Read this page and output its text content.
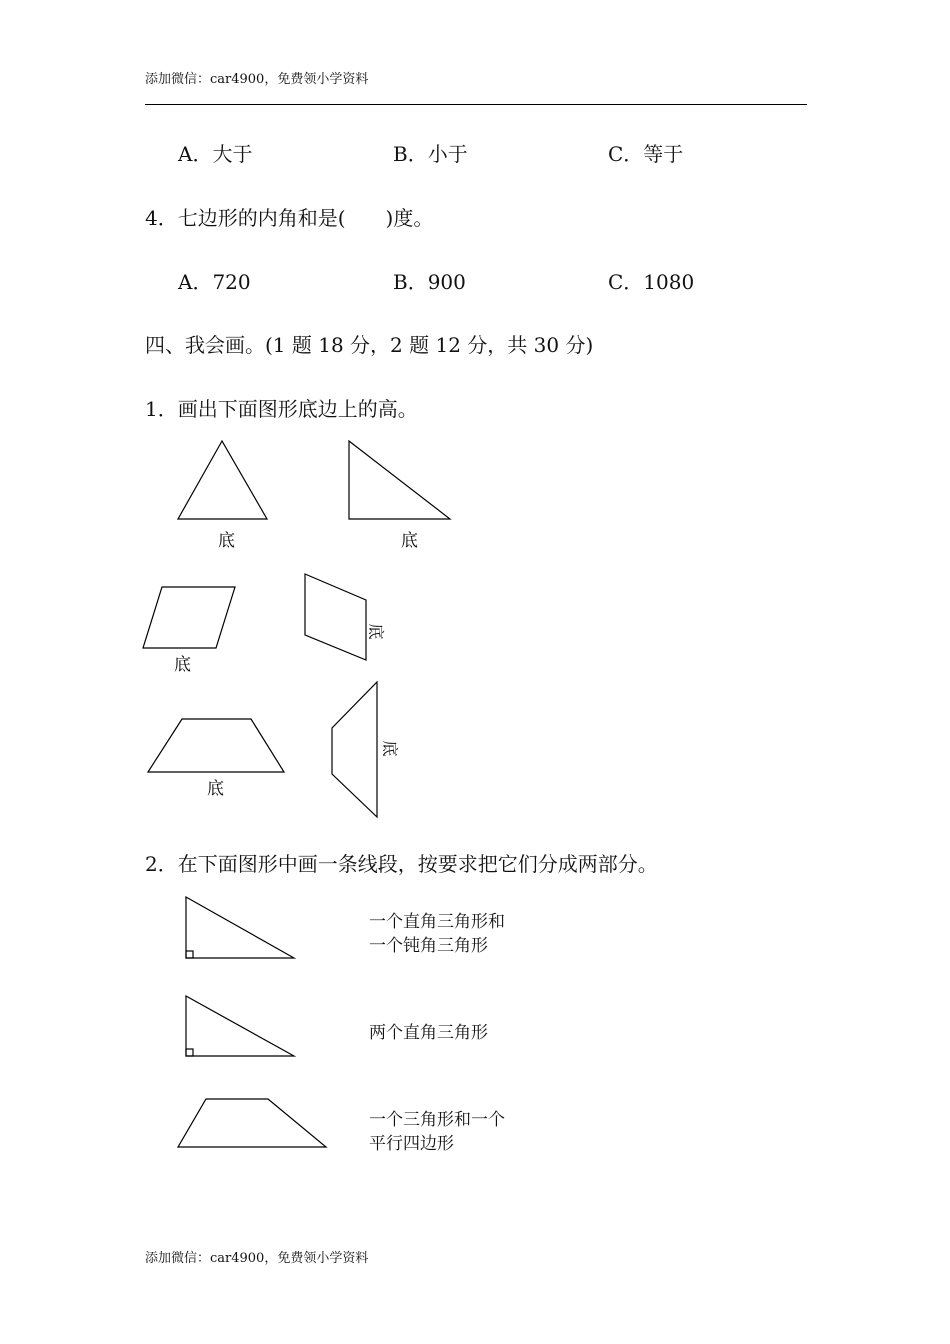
添加微信：car4900，免费领小学资料
A．大于	B．小于	C．等于
4．七边形的内角和是(　　)度。
A．720	B．900	C．1080
四、我会画。(1 题 18 分，2 题 12 分，共 30 分)
1．画出下面图形底边上的高。
底	底
底
底
底
底
2．在下面图形中画一条线段，按要求把它们分成两部分。
一个直角三角形和
一个钝角三角形
两个直角三角形
一个三角形和一个
平行四边形
添加微信：car4900，免费领小学资料
